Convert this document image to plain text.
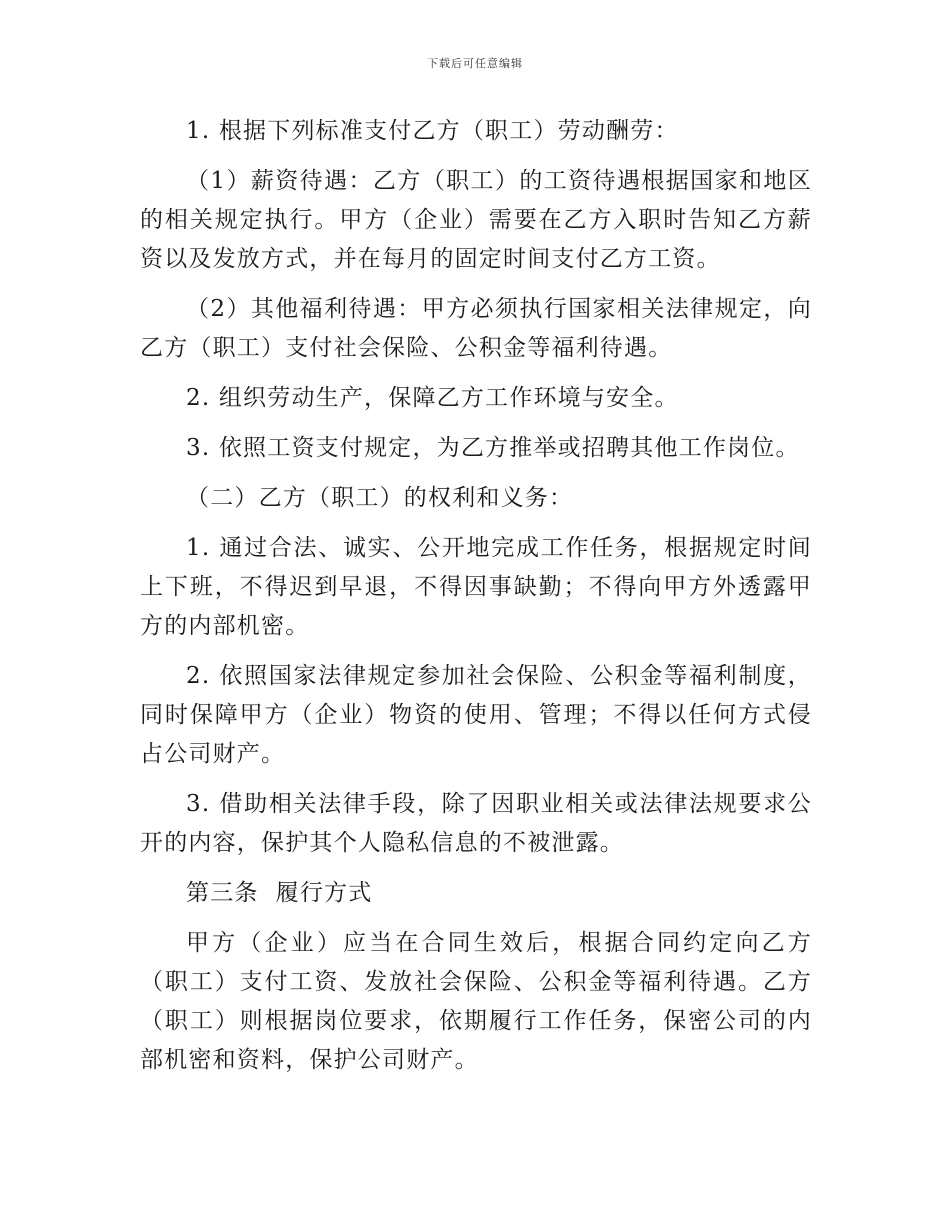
下载后可任意编辑

1. 根据下列标准支付乙方（职工）劳动酬劳：

（1）薪资待遇：乙方（职工）的工资待遇根据国家和地区的相关规定执行。甲方（企业）需要在乙方入职时告知乙方薪资以及发放方式，并在每月的固定时间支付乙方工资。

（2）其他福利待遇：甲方必须执行国家相关法律规定，向乙方（职工）支付社会保险、公积金等福利待遇。

2. 组织劳动生产，保障乙方工作环境与安全。

3. 依照工资支付规定，为乙方推举或招聘其他工作岗位。

（二）乙方（职工）的权利和义务：

1. 通过合法、诚实、公开地完成工作任务，根据规定时间上下班，不得迟到早退，不得因事缺勤；不得向甲方外透露甲方的内部机密。

2. 依照国家法律规定参加社会保险、公积金等福利制度，同时保障甲方（企业）物资的使用、管理；不得以任何方式侵占公司财产。

3. 借助相关法律手段，除了因职业相关或法律法规要求公开的内容，保护其个人隐私信息的不被泄露。

第三条  履行方式

甲方（企业）应当在合同生效后，根据合同约定向乙方（职工）支付工资、发放社会保险、公积金等福利待遇。乙方（职工）则根据岗位要求，依期履行工作任务，保密公司的内部机密和资料，保护公司财产。
